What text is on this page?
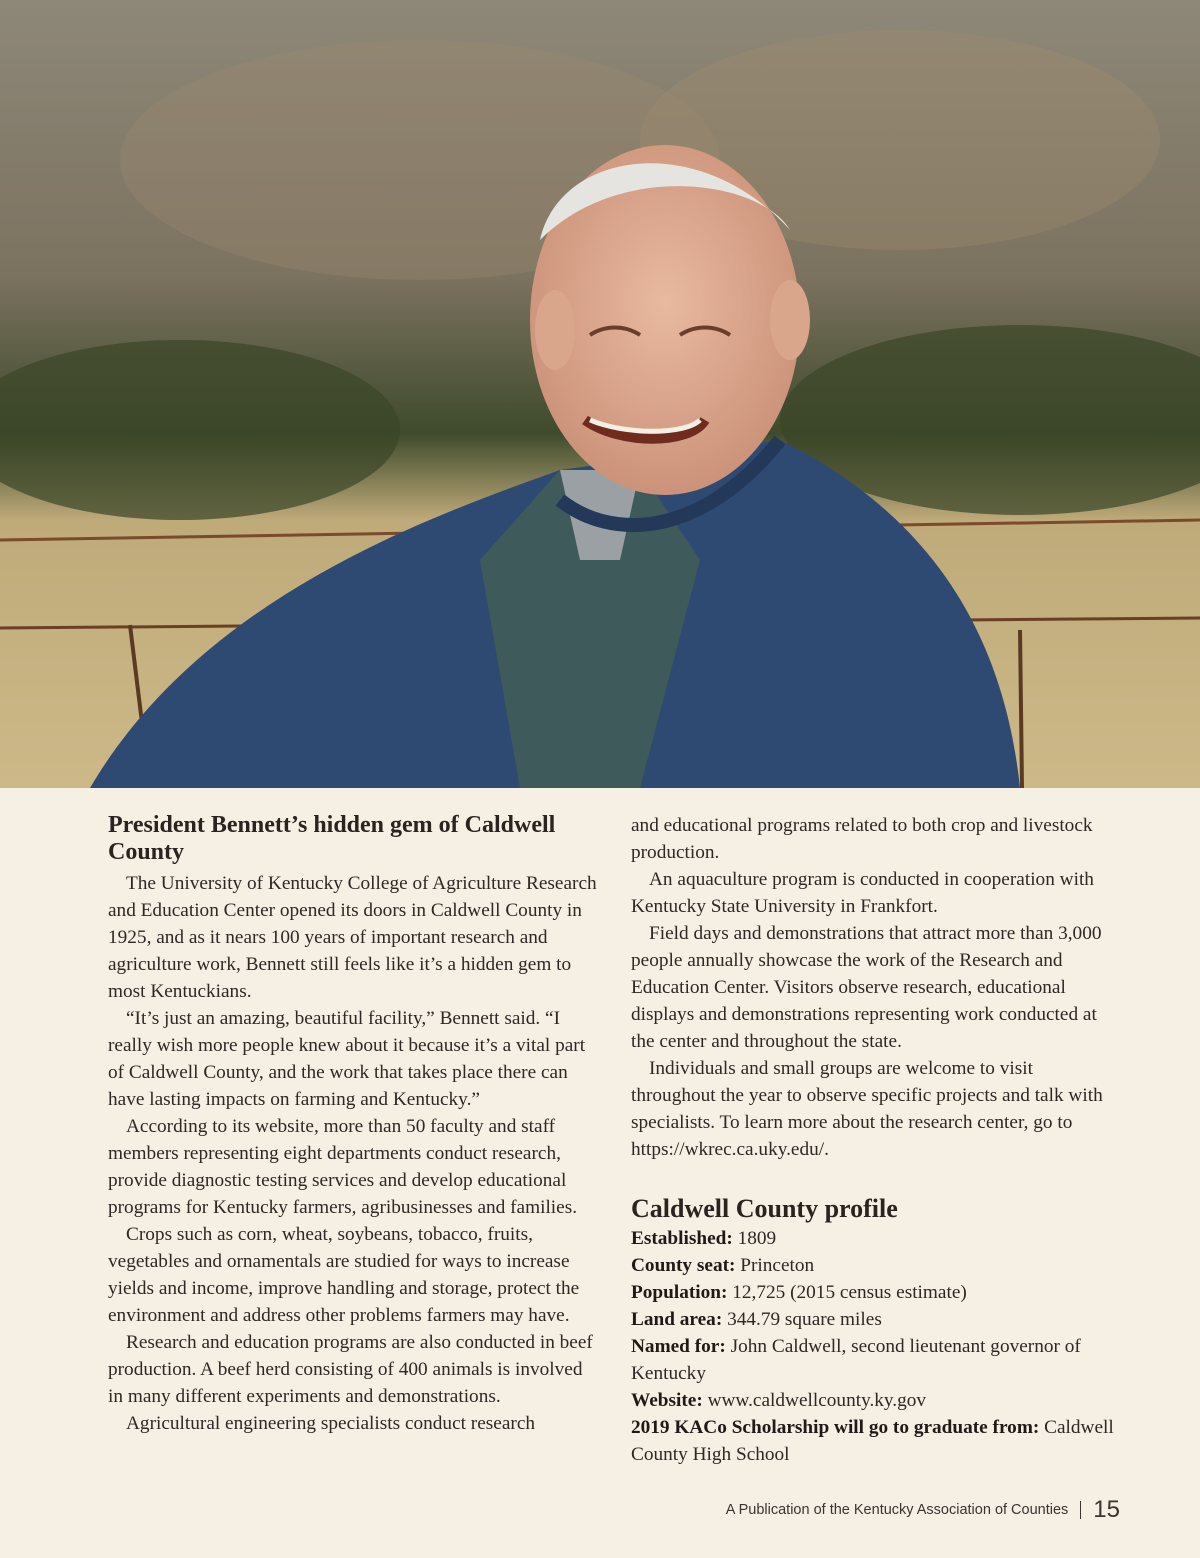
President Bennett’s hidden gem of Caldwell County

The University of Kentucky College of Agriculture Research and Education Center opened its doors in Caldwell County in 1925, and as it nears 100 years of important research and agriculture work, Bennett still feels like it’s a hidden gem to most Kentuckians.

“It’s just an amazing, beautiful facility,” Bennett said. “I really wish more people knew about it because it’s a vital part of Caldwell County, and the work that takes place there can have lasting impacts on farming and Kentucky.”

According to its website, more than 50 faculty and staff members representing eight departments conduct research, provide diagnostic testing services and develop educational programs for Kentucky farmers, agribusinesses and families.

Crops such as corn, wheat, soybeans, tobacco, fruits, vegetables and ornamentals are studied for ways to increase yields and income, improve handling and storage, protect the environment and address other problems farmers may have.

Research and education programs are also conducted in beef production. A beef herd consisting of 400 animals is involved in many different experiments and demonstrations.

Agricultural engineering specialists conduct research

and educational programs related to both crop and livestock production.

An aquaculture program is conducted in cooperation with Kentucky State University in Frankfort.

Field days and demonstrations that attract more than 3,000 people annually showcase the work of the Research and Education Center. Visitors observe research, educational displays and demonstrations representing work conducted at the center and throughout the state.

Individuals and small groups are welcome to visit throughout the year to observe specific projects and talk with specialists. To learn more about the research center, go to https://wkrec.ca.uky.edu/.

Caldwell County profile

Established: 1809

County seat: Princeton

Population: 12,725 (2015 census estimate)

Land area: 344.79 square miles

Named for: John Caldwell, second lieutenant governor of Kentucky

Website: www.caldwellcounty.ky.gov

2019 KACo Scholarship will go to graduate from: Caldwell County High School

A Publication of the Kentucky Association of Counties 15
